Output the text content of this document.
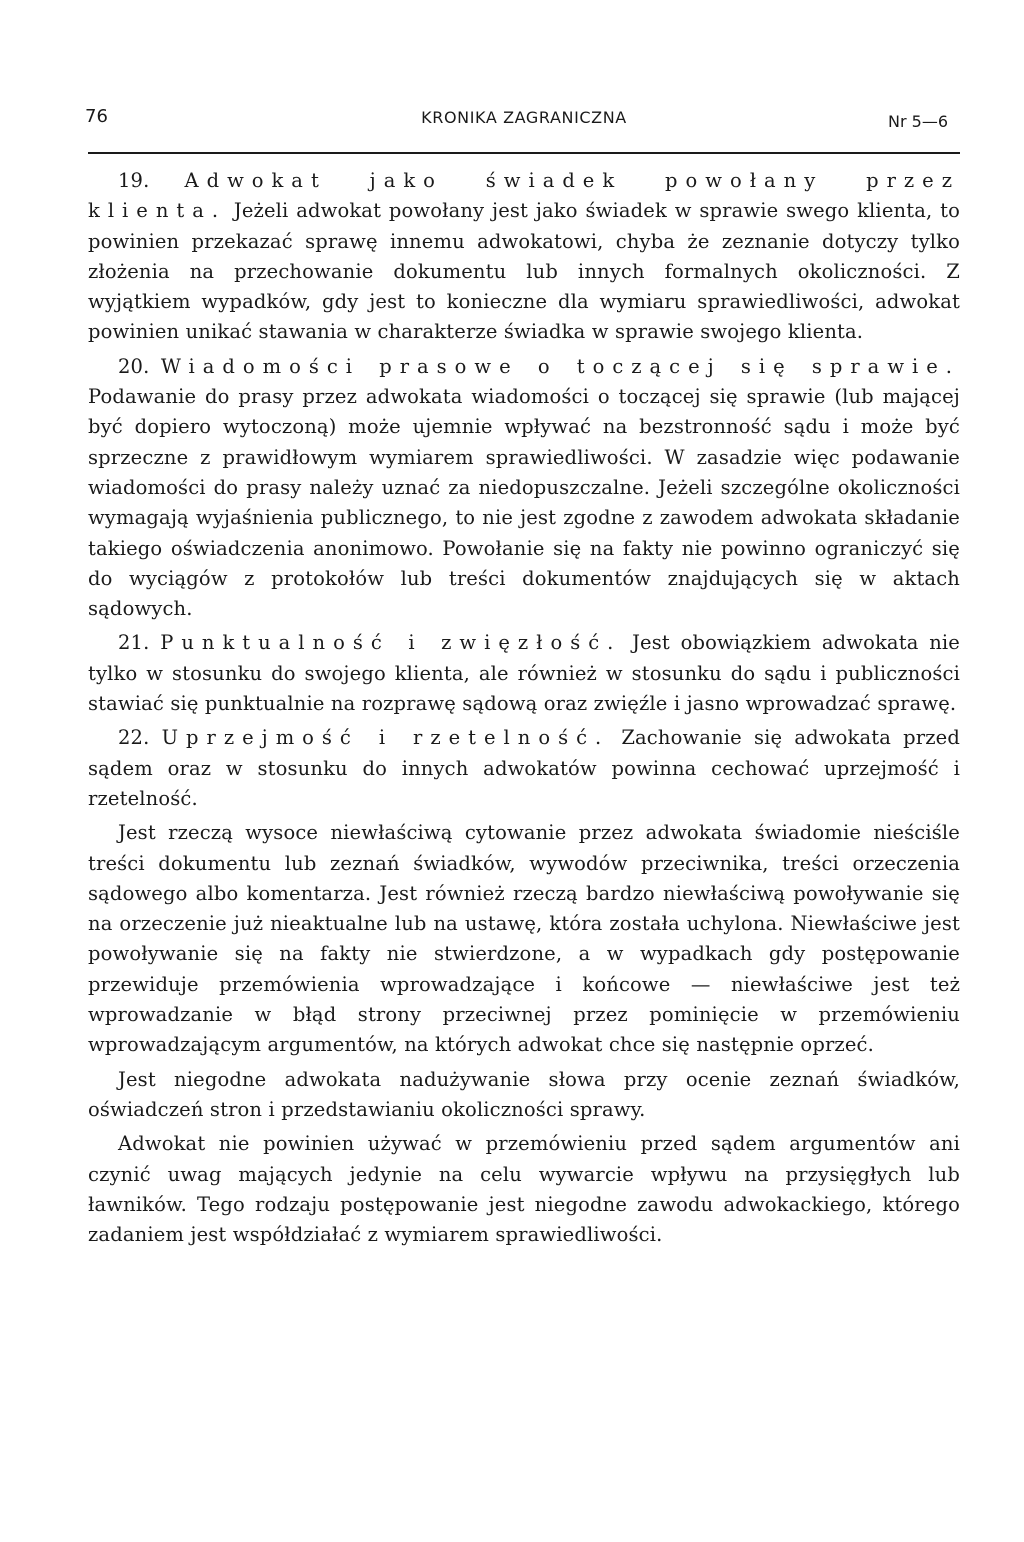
76	KRONIKA ZAGRANICZNA	Nr 5—6

19. Adwokat jako świadek powołany przez klienta. Jeżeli adwokat powołany jest jako świadek w sprawie swego klienta, to powinien przekazać sprawę innemu adwokatowi, chyba że zeznanie dotyczy tylko złożenia na przechowanie dokumentu lub innych formalnych okoliczności. Z wyjątkiem wypadków, gdy jest to konieczne dla wymiaru sprawiedliwości, adwokat powinien unikać stawania w charakterze świadka w sprawie swojego klienta.

20. Wiadomości prasowe o toczącej się sprawie. Podawanie do prasy przez adwokata wiadomości o toczącej się sprawie (lub mającej być dopiero wytoczoną) może ujemnie wpływać na bezstronność sądu i może być sprzeczne z prawidłowym wymiarem sprawiedliwości. W zasadzie więc podawanie wiadomości do prasy należy uznać za niedopuszczalne. Jeżeli szczególne okoliczności wymagają wyjaśnienia publicznego, to nie jest zgodne z zawodem adwokata składanie takiego oświadczenia anonimowo. Powołanie się na fakty nie powinno ograniczyć się do wyciągów z protokołów lub treści dokumentów znajdujących się w aktach sądowych.

21. Punktualność i zwięzłość. Jest obowiązkiem adwokata nie tylko w stosunku do swojego klienta, ale również w stosunku do sądu i publiczności stawiać się punktualnie na rozprawę sądową oraz zwięźle i jasno wprowadzać sprawę.

22. Uprzejmość i rzetelność. Zachowanie się adwokata przed sądem oraz w stosunku do innych adwokatów powinna cechować uprzejmość i rzetelność.

Jest rzeczą wysoce niewłaściwą cytowanie przez adwokata świadomie nieściśle treści dokumentu lub zeznań świadków, wywodów przeciwnika, treści orzeczenia sądowego albo komentarza. Jest również rzeczą bardzo niewłaściwą powoływanie się na orzeczenie już nieaktualne lub na ustawę, która została uchylona. Niewłaściwe jest powoływanie się na fakty nie stwierdzone, a w wypadkach gdy postępowanie przewiduje przemówienia wprowadzające i końcowe — niewłaściwe jest też wprowadzanie w błąd strony przeciwnej przez pominięcie w przemówieniu wprowadzającym argumentów, na których adwokat chce się następnie oprzeć.

Jest niegodne adwokata nadużywanie słowa przy ocenie zeznań świadków, oświadczeń stron i przedstawianiu okoliczności sprawy.

Adwokat nie powinien używać w przemówieniu przed sądem argumentów ani czynić uwag mających jedynie na celu wywarcie wpływu na przysięgłych lub ławników. Tego rodzaju postępowanie jest niegodne zawodu adwokackiego, którego zadaniem jest współdziałać z wymiarem sprawiedliwości.
